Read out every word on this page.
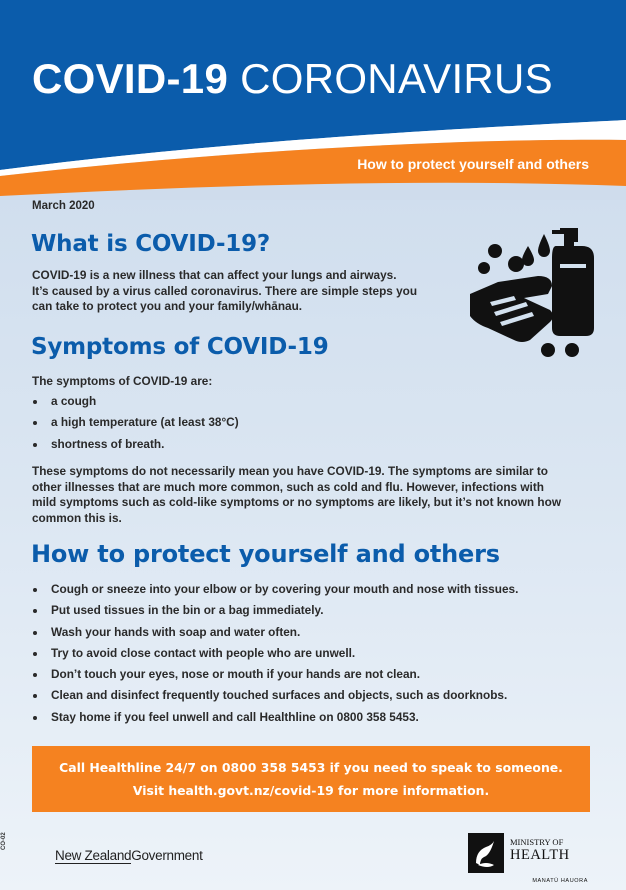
COVID-19 CORONAVIRUS

How to protect yourself and others

March 2020

What is COVID-19?
COVID-19 is a new illness that can affect your lungs and airways.
It’s caused by a virus called coronavirus. There are simple steps you
can take to protect you and your family/whānau.
Symptoms of COVID-19

The symptoms of COVID-19 are:

a cough
a high temperature (at least 38°C)
shortness of breath.
These symptoms do not necessarily mean you have COVID-19. The symptoms are similar to
other illnesses that are much more common, such as cold and flu. However, infections with
mild symptoms such as cold-like symptoms or no symptoms are likely, but it’s not known how
common this is.
How to protect yourself and others
Cough or sneeze into your elbow or by covering your mouth and nose with tissues.
Put used tissues in the bin or a bag immediately.
Wash your hands with soap and water often.
Try to avoid close contact with people who are unwell.
Don’t touch your eyes, nose or mouth if your hands are not clean.
Clean and disinfect frequently touched surfaces and objects, such as doorknobs.
Stay home if you feel unwell and call Healthline on 0800 358 5453.
Call Healthline 24/7 on 0800 358 5453 if you need to speak to someone.
Visit health.govt.nz/covid-19 for more information.
CO-02
New ZealandGovernment
MINISTRY OF
HEALTH
MANATŪ HAUORA
